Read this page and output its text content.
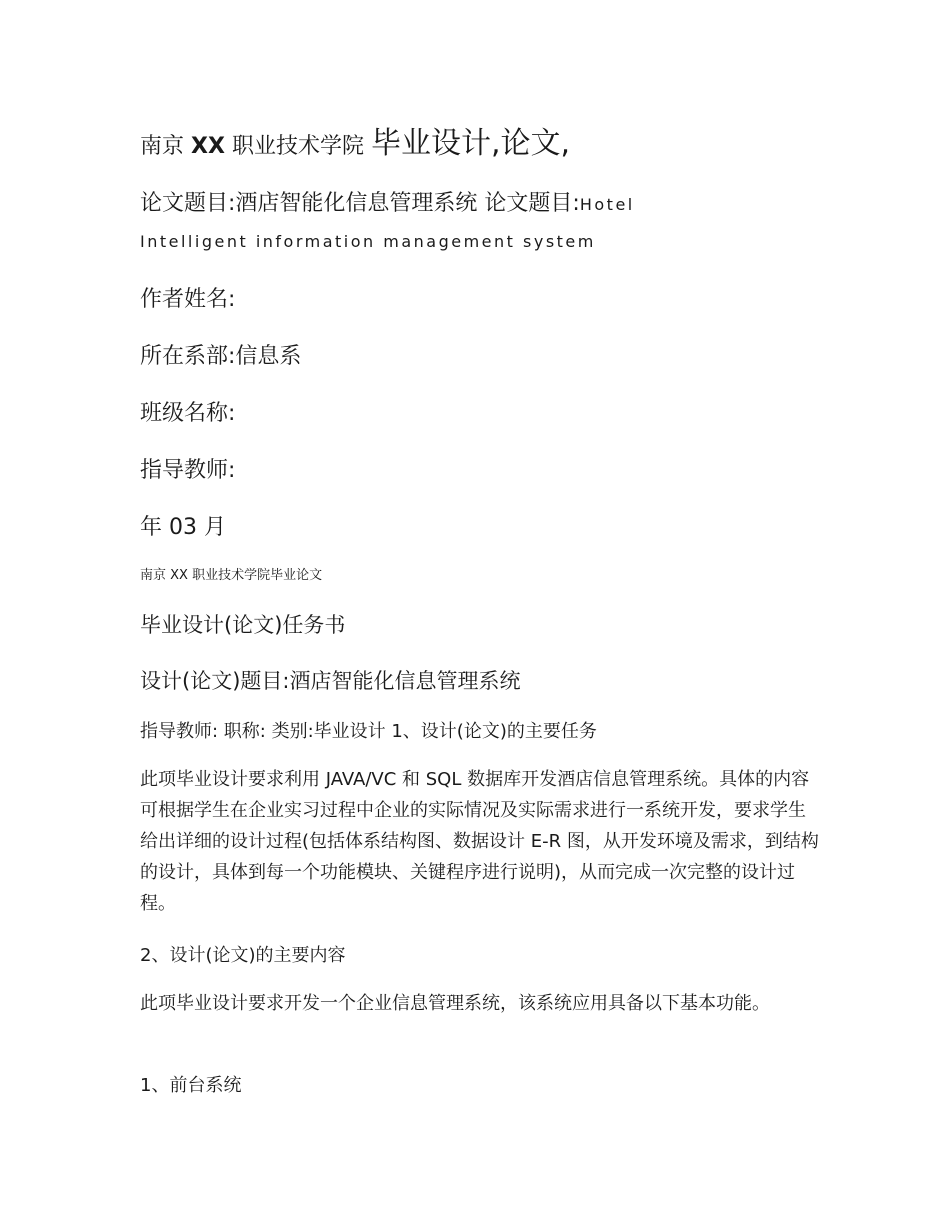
南京 XX 职业技术学院 毕业设计,论文,
论文题目:酒店智能化信息管理系统 论文题目:Hotel
Intelligent information management system
作者姓名:
所在系部:信息系
班级名称:
指导教师:
年 03 月
南京 XX 职业技术学院毕业论文
毕业设计(论文)任务书
设计(论文)题目:酒店智能化信息管理系统
指导教师: 职称: 类别:毕业设计 1、设计(论文)的主要任务
此项毕业设计要求利用 JAVA/VC 和 SQL 数据库开发酒店信息管理系统。具体的内容可根据学生在企业实习过程中企业的实际情况及实际需求进行一系统开发，要求学生给出详细的设计过程(包括体系结构图、数据设计 E-R 图，从开发环境及需求，到结构的设计，具体到每一个功能模块、关键程序进行说明)，从而完成一次完整的设计过程。
2、设计(论文)的主要内容
此项毕业设计要求开发一个企业信息管理系统，该系统应用具备以下基本功能。
1、前台系统
